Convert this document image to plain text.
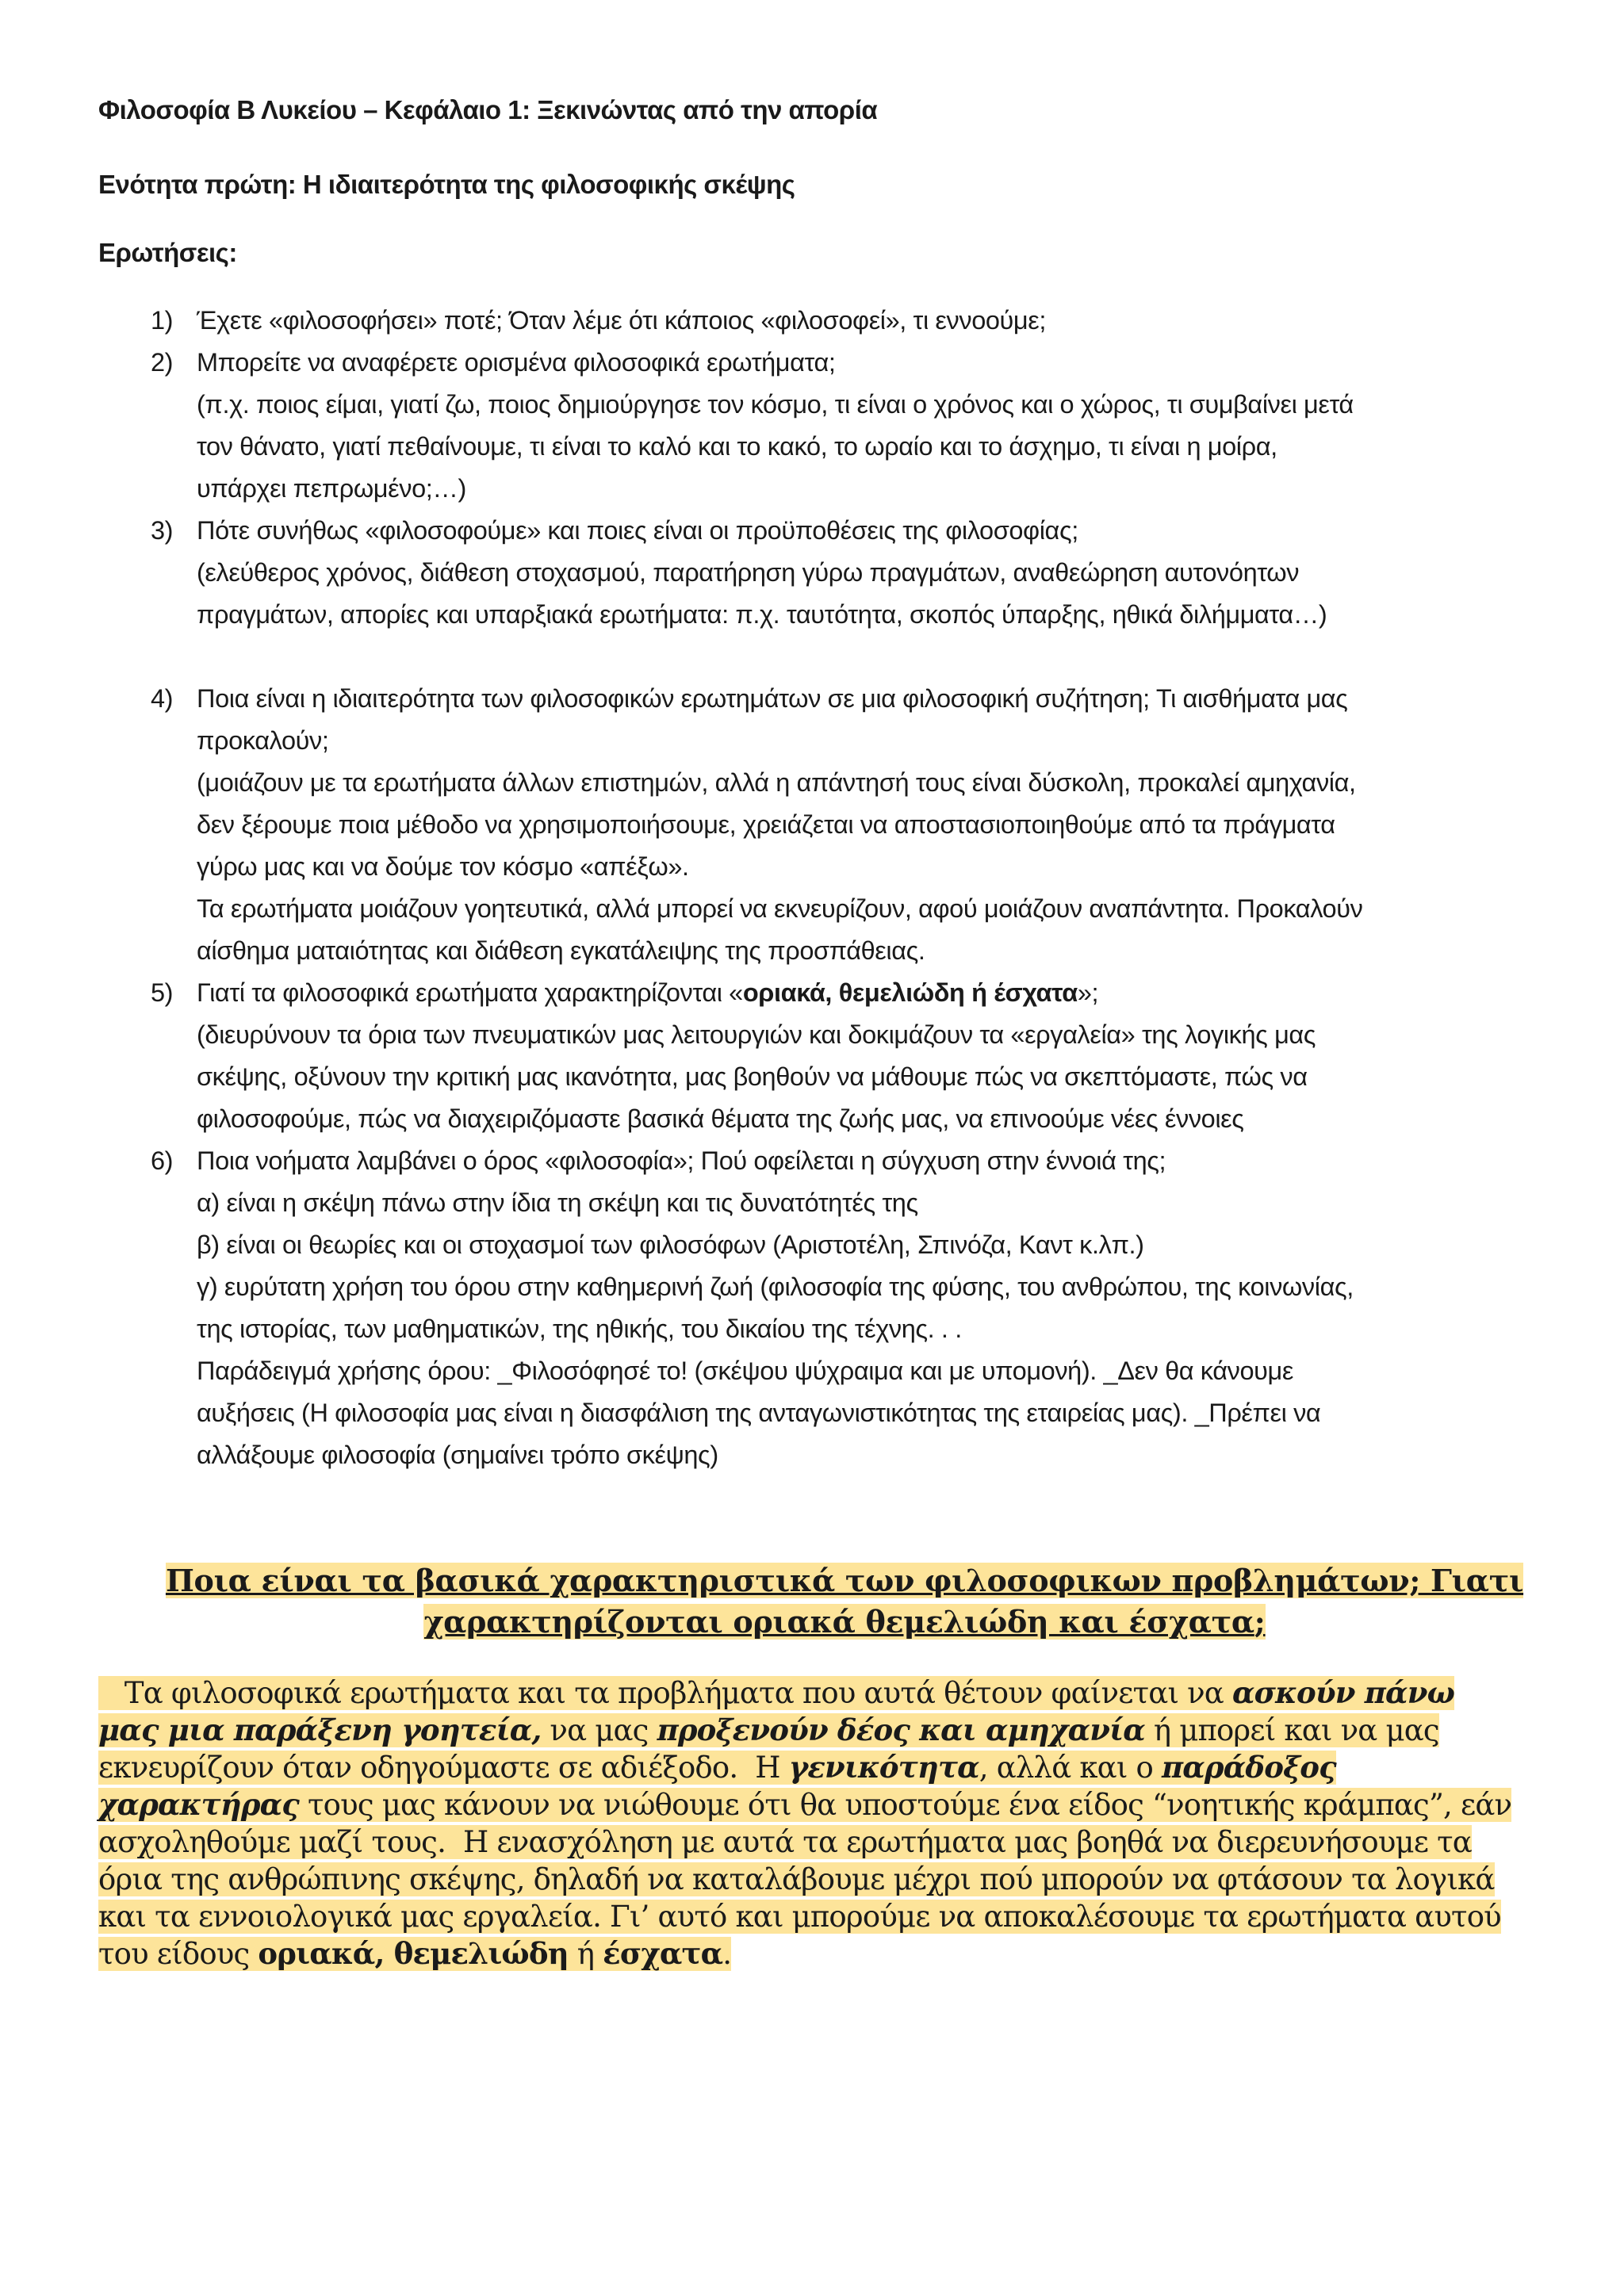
Φιλοσοφία Β Λυκείου – Κεφάλαιο 1: Ξεκινώντας από την απορία
Ενότητα πρώτη: Η ιδιαιτερότητα της φιλοσοφικής σκέψης
Ερωτήσεις:
1) Έχετε «φιλοσοφήσει» ποτέ; Όταν λέμε ότι κάποιος «φιλοσοφεί», τι εννοούμε;
2) Μπορείτε να αναφέρετε ορισμένα φιλοσοφικά ερωτήματα;
(π.χ. ποιος είμαι, γιατί ζω, ποιος δημιούργησε τον κόσμο, τι είναι ο χρόνος και ο χώρος, τι συμβαίνει μετά
τον θάνατο, γιατί πεθαίνουμε, τι είναι το καλό και το κακό, το ωραίο και το άσχημο, τι είναι η μοίρα,
υπάρχει πεπρωμένο;…)
3) Πότε συνήθως «φιλοσοφούμε» και ποιες είναι οι προϋποθέσεις της φιλοσοφίας;
(ελεύθερος χρόνος, διάθεση στοχασμού, παρατήρηση γύρω πραγμάτων, αναθεώρηση αυτονόητων
πραγμάτων, απορίες και υπαρξιακά ερωτήματα: π.χ. ταυτότητα, σκοπός ύπαρξης, ηθικά διλήμματα…)
4) Ποια είναι η ιδιαιτερότητα των φιλοσοφικών ερωτημάτων σε μια φιλοσοφική συζήτηση; Τι αισθήματα μας
προκαλούν;
(μοιάζουν με τα ερωτήματα άλλων επιστημών, αλλά η απάντησή τους είναι δύσκολη, προκαλεί αμηχανία,
δεν ξέρουμε ποια μέθοδο να χρησιμοποιήσουμε, χρειάζεται να αποστασιοποιηθούμε από τα πράγματα
γύρω μας και να δούμε τον κόσμο «απέξω».
Τα ερωτήματα μοιάζουν γοητευτικά, αλλά μπορεί να εκνευρίζουν, αφού μοιάζουν αναπάντητα. Προκαλούν
αίσθημα ματαιότητας και διάθεση εγκατάλειψης της προσπάθειας.
5) Γιατί τα φιλοσοφικά ερωτήματα χαρακτηρίζονται «οριακά, θεμελιώδη ή έσχατα»;
(διευρύνουν τα όρια των πνευματικών μας λειτουργιών και δοκιμάζουν τα «εργαλεία» της λογικής μας
σκέψης, οξύνουν την κριτική μας ικανότητα, μας βοηθούν να μάθουμε πώς να σκεπτόμαστε, πώς να
φιλοσοφούμε, πώς να διαχειριζόμαστε βασικά θέματα της ζωής μας, να επινοούμε νέες έννοιες
6) Ποια νοήματα λαμβάνει ο όρος «φιλοσοφία»; Πού οφείλεται η σύγχυση στην έννοιά της;
α) είναι η σκέψη πάνω στην ίδια τη σκέψη και τις δυνατότητές της
β) είναι οι θεωρίες και οι στοχασμοί των φιλοσόφων (Αριστοτέλη, Σπινόζα, Καντ κ.λπ.)
γ) ευρύτατη χρήση του όρου στην καθημερινή ζωή (φιλοσοφία της φύσης, του ανθρώπου, της κοινωνίας,
της ιστορίας, των μαθηματικών, της ηθικής, του δικαίου της τέχνης. . .
Παράδειγμά χρήσης όρου: _Φιλοσόφησέ το! (σκέψου ψύχραιμα και με υπομονή). _Δεν θα κάνουμε
αυξήσεις (Η φιλοσοφία μας είναι η διασφάλιση της ανταγωνιστικότητας της εταιρείας μας). _Πρέπει να
αλλάξουμε φιλοσοφία (σημαίνει τρόπο σκέψης)
Ποια είναι τα βασικά χαρακτηριστικά των φιλοσοφικων προβλημάτων; Γιατι
χαρακτηρίζονται οριακά θεμελιώδη και έσχατα;
Τα φιλοσοφικά ερωτήματα και τα προβλήματα που αυτά θέτουν φαίνεται να ασκούν πάνω
μας μια παράξενη γοητεία, να μας προξενούν δέος και αμηχανία ή μπορεί και να μας
εκνευρίζουν όταν οδηγούμαστε σε αδιέξοδο.  Η γενικότητα, αλλά και ο παράδοξος
χαρακτήρας τους μας κάνουν να νιώθουμε ότι θα υποστούμε ένα είδος “νοητικής κράμπας”, εάν
ασχοληθούμε μαζί τους.  Η ενασχόληση με αυτά τα ερωτήματα μας βοηθά να διερευνήσουμε τα
όρια της ανθρώπινης σκέψης, δηλαδή να καταλάβουμε μέχρι πού μπορούν να φτάσουν τα λογικά
και τα εννοιολογικά μας εργαλεία. Γι’ αυτό και μπορούμε να αποκαλέσουμε τα ερωτήματα αυτού
του είδους οριακά, θεμελιώδη ή έσχατα.
